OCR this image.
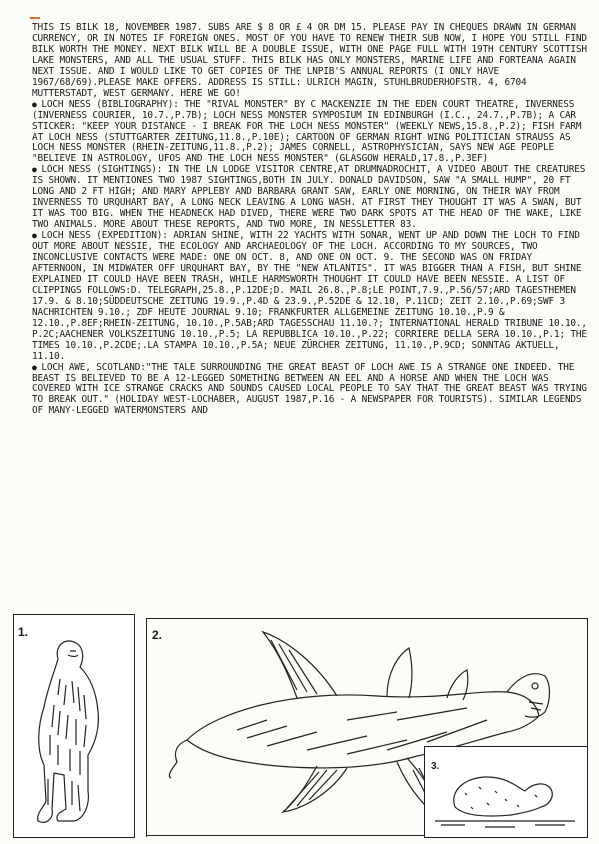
THIS IS BILK 18, NOVEMBER 1987. SUBS ARE $ 8 OR £ 4 OR DM 15. PLEASE PAY IN CHEQUES DRAWN IN GERMAN CURRENCY, OR IN NOTES IF FOREIGN ONES. MOST OF YOU HAVE TO RENEW THEIR SUB NOW, I HOPE YOU STILL FIND BILK WORTH THE MONEY. NEXT BILK WILL BE A DOUBLE ISSUE, WITH ONE PAGE FULL WITH 19TH CENTURY SCOTTISH LAKE MONSTERS, AND ALL THE USUAL STUFF. THIS BILK HAS ONLY MONSTERS, MARINE LIFE AND FORTEANA AGAIN NEXT ISSUE. AND I WOULD LIKE TO GET COPIES OF THE LNPIB'S ANNUAL REPORTS (I ONLY HAVE 1967/68/69).PLEASE MAKE OFFERS. ADDRESS IS STILL: ULRICH MAGIN, STUHLBRUDERHOFSTR. 4, 6704 MUTTERSTADT, WEST GERMANY. HERE WE GO!

● LOCH NESS (BIBLIOGRAPHY): THE "RIVAL MONSTER" BY C MACKENZIE IN THE EDEN COURT THEATRE, INVERNESS (INVERNESS COURIER, 10.7.,P.7B); LOCH NESS MONSTER SYMPOSIUM IN EDINBURGH (I.C., 24.7.,P.7B); A CAR STICKER: "KEEP YOUR DISTANCE - I BREAK FOR THE LOCH NESS MONSTER" (WEEKLY NEWS,15.8.,P.2); FISH FARM AT LOCH NESS (STUTTGARTER ZEITUNG,11.8.,P.10E); CARTOON OF GERMAN RIGHT WING POLITICIAN STRAUSS AS LOCH NESS MONSTER (RHEIN-ZEITUNG,11.8.,P.2); JAMES CORNELL, ASTROPHYSICIAN, SAYS NEW AGE PEOPLE "BELIEVE IN ASTROLOGY, UFOS AND THE LOCH NESS MONSTER" (GLASGOW HERALD,17.8.,P.3EF)

● LOCH NESS (SIGHTINGS): IN THE LN LODGE VISITOR CENTRE,AT DRUMNADROCHIT, A VIDEO ABOUT THE CREATURES IS SHOWN. IT MENTIONES TWO 1987 SIGHTINGS,BOTH IN JULY. DONALD DAVIDSON, SAW "A SMALL HUMP", 20 FT LONG AND 2 FT HIGH; AND MARY APPLEBY AND BARBARA GRANT SAW, EARLY ONE MORNING, ON THEIR WAY FROM INVERNESS TO URQUHART BAY, A LONG NECK LEAVING A LONG WASH. AT FIRST THEY THOUGHT IT WAS A SWAN, BUT IT WAS TOO BIG. WHEN THE HEADNECK HAD DIVED, THERE WERE TWO DARK SPOTS AT THE HEAD OF THE WAKE, LIKE TWO ANIMALS. MORE ABOUT THESE REPORTS, AND TWO MORE, IN NESSLETTER 83.

● LOCH NESS (EXPEDITION): ADRIAN SHINE, WITH 22 YACHTS WITH SONAR, WENT UP AND DOWN THE LOCH TO FIND OUT MORE ABOUT NESSIE, THE ECOLOGY AND ARCHAEOLOGY OF THE LOCH. ACCORDING TO MY SOURCES, TWO INCONCLUSIVE CONTACTS WERE MADE: ONE ON OCT. 8, AND ONE ON OCT. 9. THE SECOND WAS ON FRIDAY AFTERNOON, IN MIDWATER OFF URQUHART BAY, BY THE "NEW ATLANTIS". IT WAS BIGGER THAN A FISH, BUT SHINE EXPLAINED IT COULD HAVE BEEN TRASH, WHILE HARMSWORTH THOUGHT IT COULD HAVE BEEN NESSIE. A LIST OF CLIPPINGS FOLLOWS:D. TELEGRAPH,25.8.,P.12DE;D. MAIL 26.8.,P.8;LE POINT,7.9.,P.56/57;ARD TAGESTHEMEN 17.9. & 8.10;SÜDDEUTSCHE ZEITUNG 19.9.,P.4D & 23.9.,P.52DE & 12.10, P.11CD; ZEIT 2.10.,P.69;SWF 3 NACHRICHTEN 9.10.; ZDF HEUTE JOURNAL 9.10; FRANKFURTER ALLGEMEINE ZEITUNG 10.10.,P.9 & 12.10.,P.8EF;RHEIN-ZEITUNG, 10.10.,P.5AB;ARD TAGESSCHAU 11.10.?; INTERNATIONAL HERALD TRIBUNE 10.10., P.2C;AACHENER VOLKSZEITUNG 10.10.,P.5; LA REPUBBLICA 10.10.,P.22; CORRIERE DELLA SERA 10.10.,P.1; THE TIMES 10.10.,P.2CDE;.LA STAMPA 10.10.,P.5A; NEUE ZÜRCHER ZEITUNG, 11.10.,P.9CD; SONNTAG AKTUELL, 11.10.

● LOCH AWE, SCOTLAND:"THE TALE SURROUNDING THE GREAT BEAST OF LOCH AWE IS A STRANGE ONE INDEED. THE BEAST IS BELIEVED TO BE A 12-LEGGED SOMETHING BETWEEN AN EEL AND A HORSE AND WHEN THE LOCH WAS COVERED WITH ICE STRANGE CRACKS AND SOUNDS CAUSED LOCAL PEOPLE TO SAY THAT THE GREAT BEAST WAS TRYING TO BREAK OUT." (HOLIDAY WEST-LOCHABER, AUGUST 1987,P.16 - A NEWSPAPER FOR TOURISTS). SIMILAR LEGENDS OF MANY-LEGGED WATERMONSTERS AND

1.	2.
3.
